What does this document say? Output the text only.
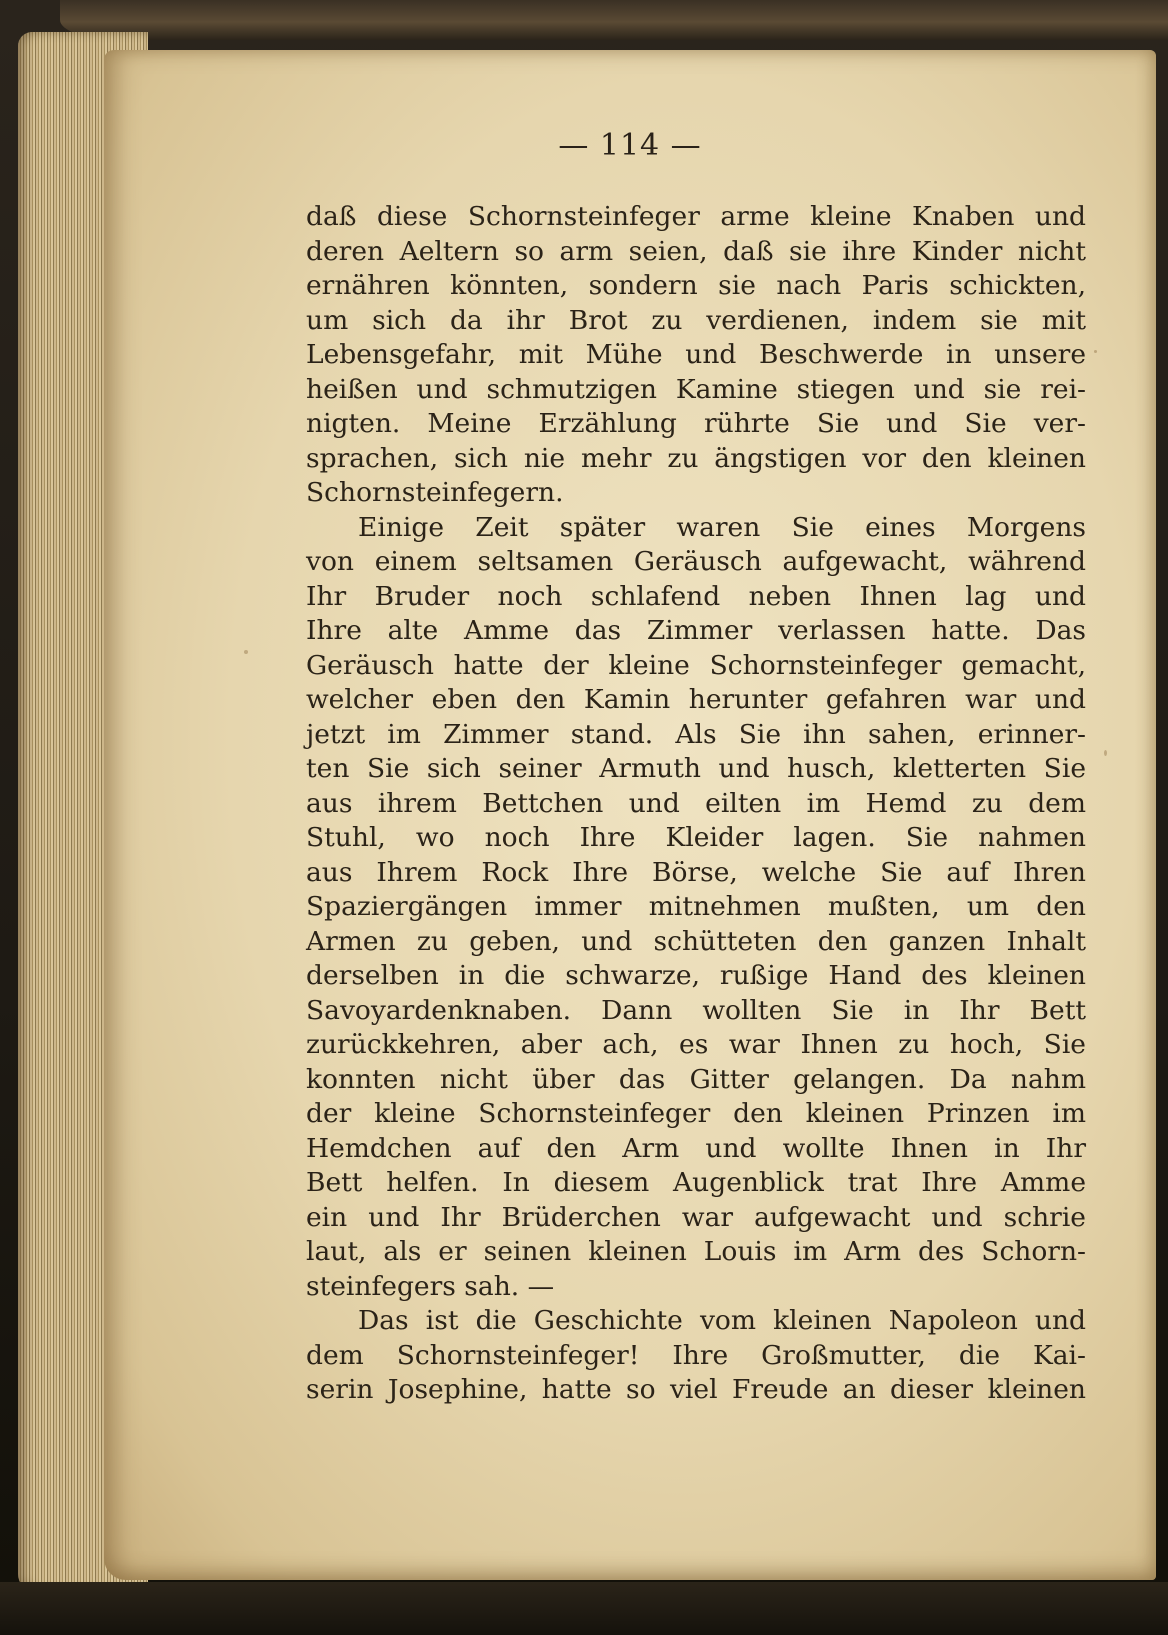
— 114 —
daß diese Schornsteinfeger arme kleine Knaben und
deren Aeltern so arm seien, daß sie ihre Kinder nicht
ernähren könnten, sondern sie nach Paris schickten,
um sich da ihr Brot zu verdienen, indem sie mit
Lebensgefahr, mit Mühe und Beschwerde in unsere
heißen und schmutzigen Kamine stiegen und sie rei-
nigten. Meine Erzählung rührte Sie und Sie ver-
sprachen, sich nie mehr zu ängstigen vor den kleinen
Schornsteinfegern.
Einige Zeit später waren Sie eines Morgens
von einem seltsamen Geräusch aufgewacht, während
Ihr Bruder noch schlafend neben Ihnen lag und
Ihre alte Amme das Zimmer verlassen hatte. Das
Geräusch hatte der kleine Schornsteinfeger gemacht,
welcher eben den Kamin herunter gefahren war und
jetzt im Zimmer stand. Als Sie ihn sahen, erinner-
ten Sie sich seiner Armuth und husch, kletterten Sie
aus ihrem Bettchen und eilten im Hemd zu dem
Stuhl, wo noch Ihre Kleider lagen. Sie nahmen
aus Ihrem Rock Ihre Börse, welche Sie auf Ihren
Spaziergängen immer mitnehmen mußten, um den
Armen zu geben, und schütteten den ganzen Inhalt
derselben in die schwarze, rußige Hand des kleinen
Savoyardenknaben. Dann wollten Sie in Ihr Bett
zurückkehren, aber ach, es war Ihnen zu hoch, Sie
konnten nicht über das Gitter gelangen. Da nahm
der kleine Schornsteinfeger den kleinen Prinzen im
Hemdchen auf den Arm und wollte Ihnen in Ihr
Bett helfen. In diesem Augenblick trat Ihre Amme
ein und Ihr Brüderchen war aufgewacht und schrie
laut, als er seinen kleinen Louis im Arm des Schorn-
steinfegers sah. —
Das ist die Geschichte vom kleinen Napoleon und
dem Schornsteinfeger! Ihre Großmutter, die Kai-
serin Josephine, hatte so viel Freude an dieser kleinen
